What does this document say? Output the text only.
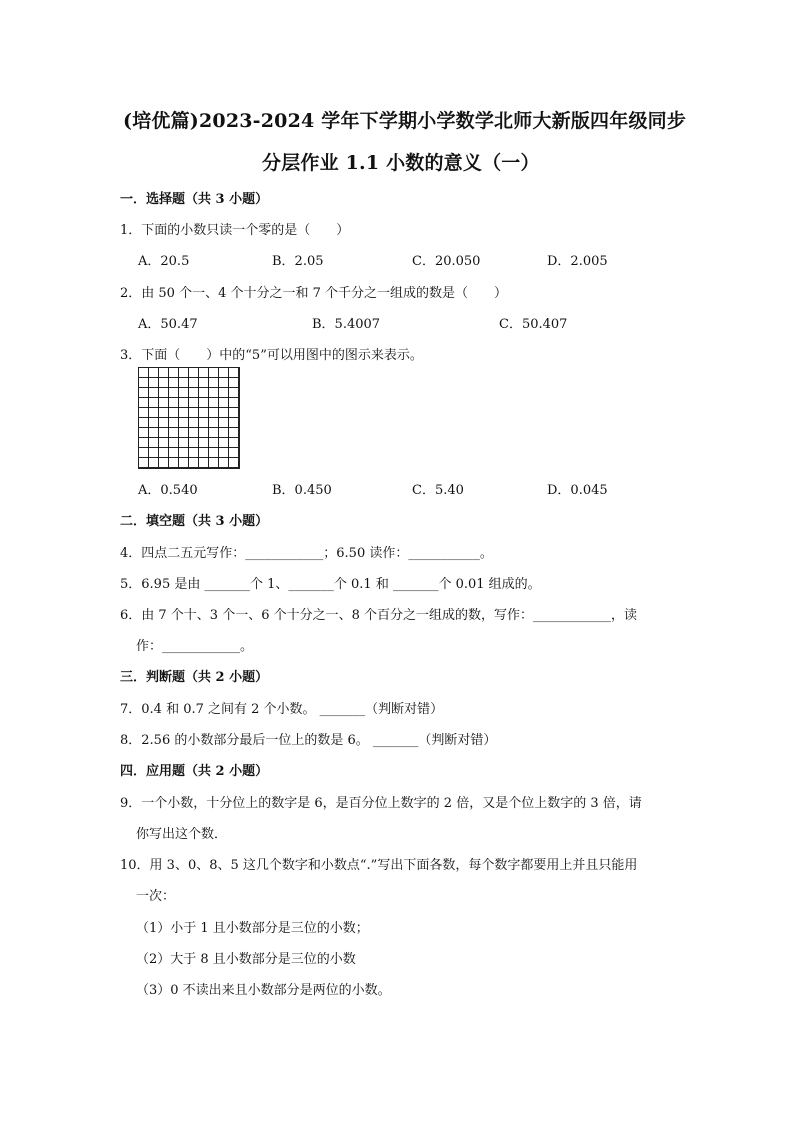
(培优篇)2023-2024 学年下学期小学数学北师大新版四年级同步
分层作业 1.1 小数的意义（一）
一．选择题（共 3 小题）
1．下面的小数只读一个零的是（　　）
A．20.5	B．2.05	C．20.050	D．2.005
2．由 50 个一、4 个十分之一和 7 个千分之一组成的数是（　　）
A．50.47	B．5.4007	C．50.407
3．下面（　　）中的“5”可以用图中的图示来表示。
A．0.540	B．0.450	C．5.40	D．0.045
二．填空题（共 3 小题）
4．四点二五元写作：____________；6.50 读作：___________。
5．6.95 是由 _______个 1、_______个 0.1 和 _______个 0.01 组成的。
6．由 7 个十、3 个一、6 个十分之一、8 个百分之一组成的数，写作：____________，读
作：____________。
三．判断题（共 2 小题）
7．0.4 和 0.7 之间有 2 个小数。 _______（判断对错）
8．2.56 的小数部分最后一位上的数是 6。 _______（判断对错）
四．应用题（共 2 小题）
9．一个小数，十分位上的数字是 6，是百分位上数字的 2 倍，又是个位上数字的 3 倍，请
你写出这个数．
10．用 3、0、8、5 这几个数字和小数点“.”写出下面各数，每个数字都要用上并且只能用
一次：
（1）小于 1 且小数部分是三位的小数；
（2）大于 8 且小数部分是三位的小数
（3）0 不读出来且小数部分是两位的小数。
